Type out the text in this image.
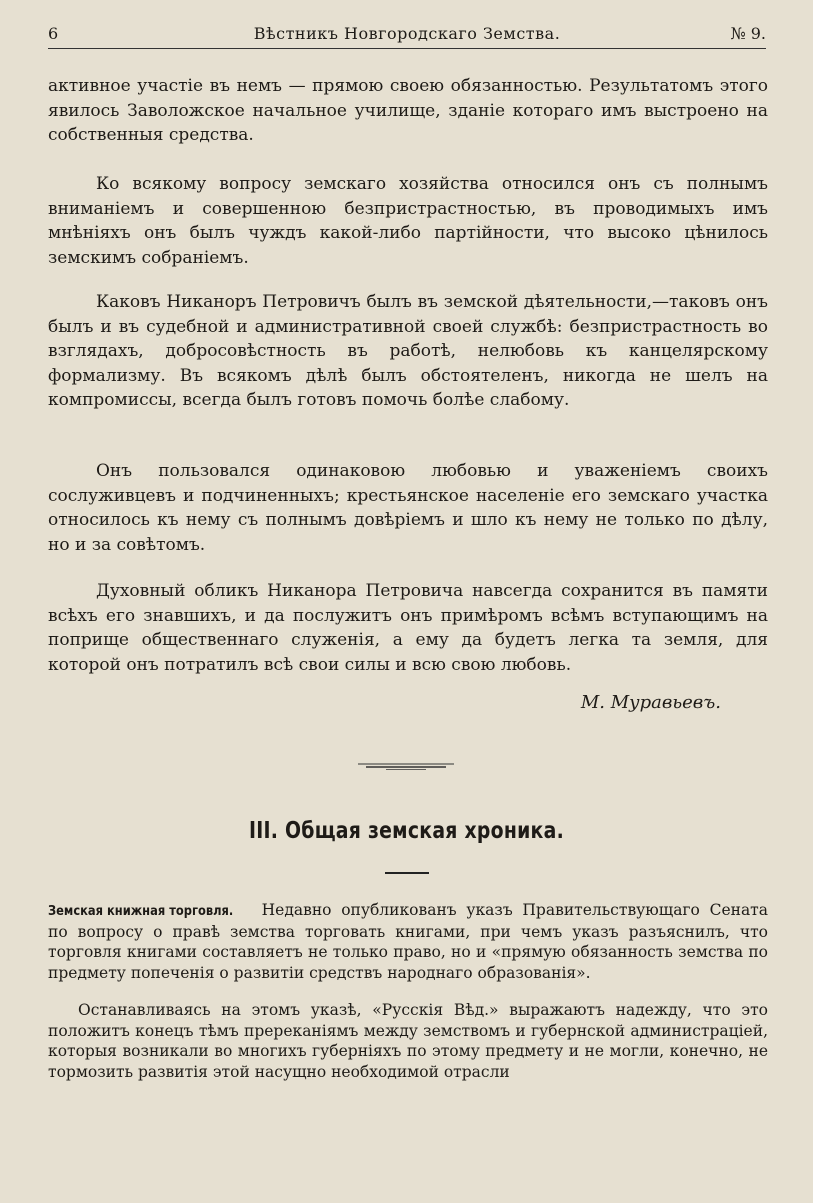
6	Вѣстникъ Новгородскаго Земства.	№ 9.
активное участiе въ немъ — прямою своею обязанностью. Результатомъ этого явилось Заволожское начальное училище, зданiе котораго имъ выстроено на собственныя средства.
Ко всякому вопросу земскаго хозяйства относился онъ съ полнымъ вниманiемъ и совершенною безпристрастностью, въ проводимыхъ имъ мнѣнiяхъ онъ былъ чуждъ какой-либо партiйности, что высоко цѣнилось земскимъ собранiемъ.
Каковъ Никаноръ Петровичъ былъ въ земской дѣятельности,—таковъ онъ былъ и въ судебной и административной своей службѣ: безпристрастность во взглядахъ, добросовѣстность въ работѣ, нелюбовь къ канцелярскому формализму. Въ всякомъ дѣлѣ былъ обстоятеленъ, никогда не шелъ на компромиссы, всегда былъ готовъ помочь болѣе слабому.
Онъ пользовался одинаковою любовью и уваженiемъ своихъ сослуживцевъ и подчиненныхъ; крестьянское населенiе его земскаго участка относилось къ нему съ полнымъ довѣрiемъ и шло къ нему не только по дѣлу, но и за совѣтомъ.
Духовный обликъ Никанора Петровича навсегда сохранится въ памяти всѣхъ его знавшихъ, и да послужитъ онъ примѣромъ всѣмъ вступающимъ на поприще общественнаго служенiя, а ему да будетъ легка та земля, для которой онъ потратилъ всѣ свои силы и всю свою любовь.
М. Муравьевъ.
III. Общая земская хроника.
Земская книжная торговля. Недавно опубликованъ указъ Правительствующаго Сената по вопросу о правѣ земства торговать книгами, при чемъ указъ разъяснилъ, что торговля книгами составляетъ не только право, но и «прямую обязанность земства по предмету попеченiя о развитiи средствъ народнаго образованiя».
Останавливаясь на этомъ указѣ, «Русскiя Вѣд.» выражаютъ надежду, что это положитъ конецъ тѣмъ пререканiямъ между земствомъ и губернской администрацiей, которыя возникали во многихъ губернiяхъ по этому предмету и не могли, конечно, не тормозить развитiя этой насущно необходимой отрасли
